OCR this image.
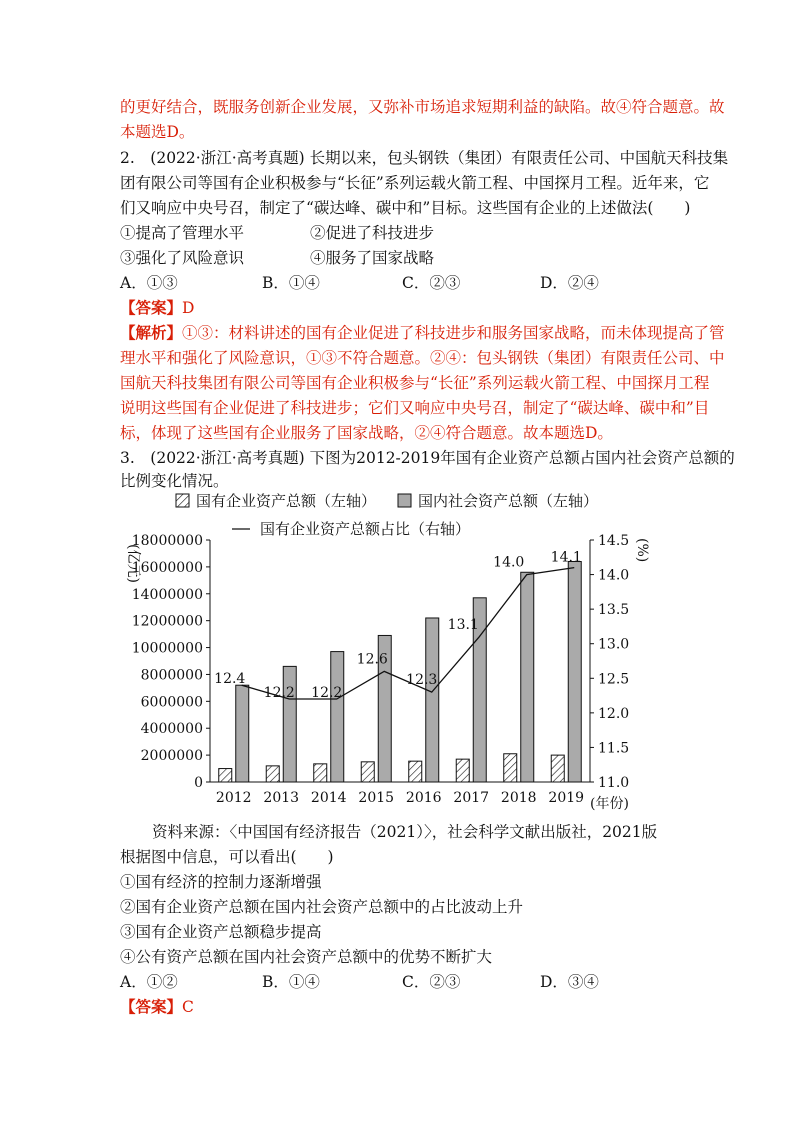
的更好结合，既服务创新企业发展，又弥补市场追求短期利益的缺陷。故④符合题意。故
本题选D。
2.　(2022·浙江·高考真题) 长期以来，包头钢铁（集团）有限责任公司、中国航天科技集
团有限公司等国有企业积极参与“长征”系列运载火箭工程、中国探月工程。近年来，它
们又响应中央号召，制定了“碳达峰、碳中和”目标。这些国有企业的上述做法(　　)
①提高了管理水平	②促进了科技进步
③强化了风险意识	④服务了国家战略
A．①③	B．①④	C．②③	D．②④
【答案】D
【解析】①③：材料讲述的国有企业促进了科技进步和服务国家战略，而未体现提高了管
理水平和强化了风险意识，①③不符合题意。②④：包头钢铁（集团）有限责任公司、中
国航天科技集团有限公司等国有企业积极参与“长征”系列运载火箭工程、中国探月工程
说明这些国有企业促进了科技进步；它们又响应中央号召，制定了“碳达峰、碳中和”目
标，体现了这些国有企业服务了国家战略，②④符合题意。故本题选D。
3.　(2022·浙江·高考真题) 下图为2012-2019年国有企业资产总额占国内社会资产总额的
比例变化情况。
国有企业资产总额（左轴）	国内社会资产总额（左轴）
国有企业资产总额占比（右轴）
(亿元)	(%)
(年份)
0
2000000
4000000
6000000
8000000
10000000
12000000
14000000
16000000
18000000
11.0
11.5
12.0
12.5
13.0
13.5
14.0
14.5
2012 2013 2014 2015 2016 2017 2018 2019
12.4
12.2 12.2
12.6
12.3
13.1
14.0 14.1
资料来源：〈中国国有经济报告（2021）〉，社会科学文献出版社，2021版
根据图中信息，可以看出(　　)
①国有经济的控制力逐渐增强
②国有企业资产总额在国内社会资产总额中的占比波动上升
③国有企业资产总额稳步提高
④公有资产总额在国内社会资产总额中的优势不断扩大
A．①②	B．①④	C．②③	D．③④
【答案】C
